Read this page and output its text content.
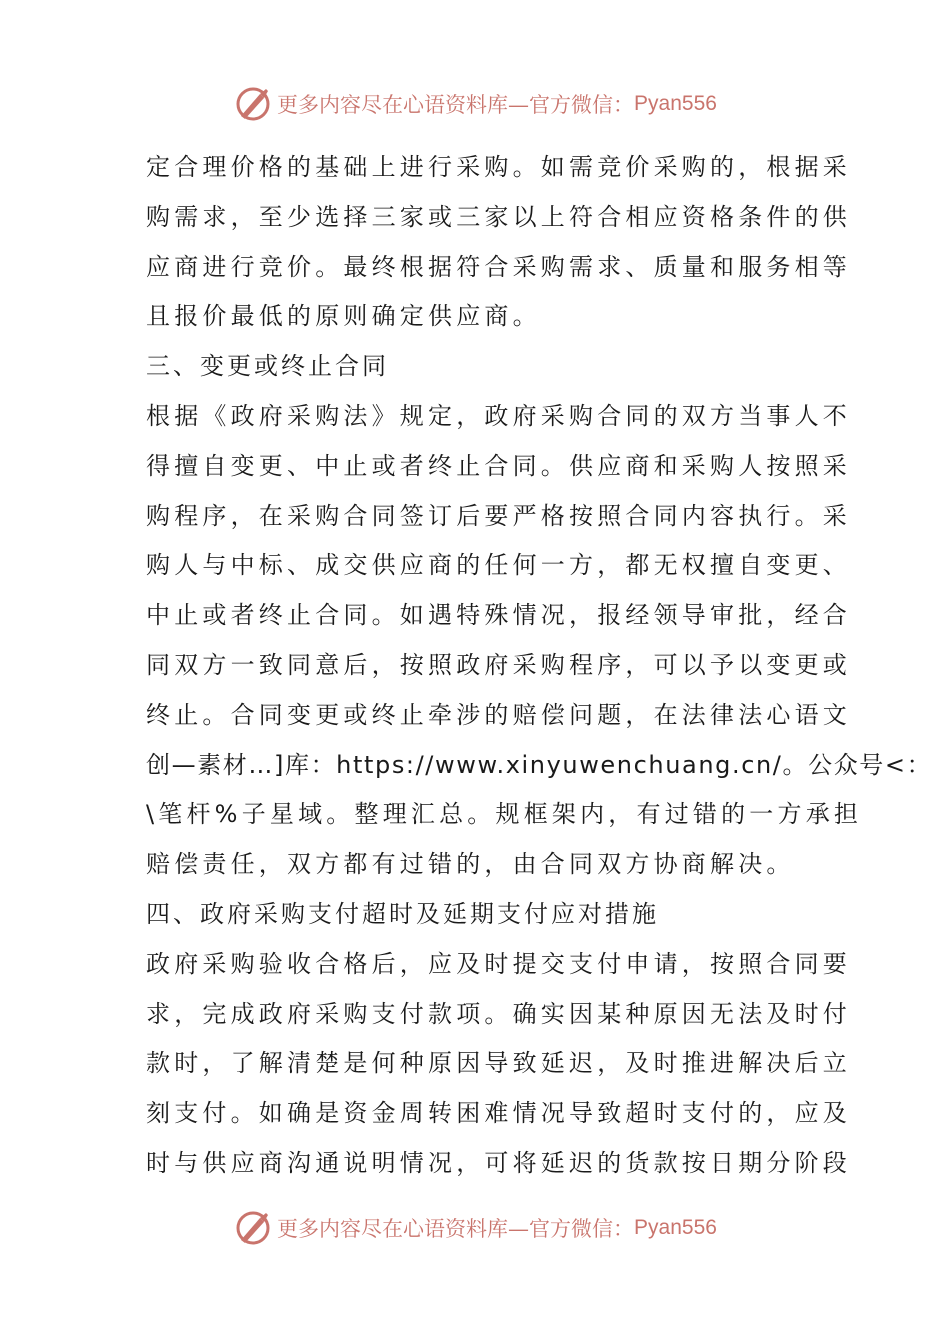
更多内容尽在心语资料库—官方微信： Pyan556
定合理价格的基础上进行采购。如需竞价采购的，根据采
购需求，至少选择三家或三家以上符合相应资格条件的供
应商进行竞价。最终根据符合采购需求、质量和服务相等
且报价最低的原则确定供应商。
三、变更或终止合同
根据《政府采购法》规定，政府采购合同的双方当事人不
得擅自变更、中止或者终止合同。供应商和采购人按照采
购程序，在采购合同签订后要严格按照合同内容执行。采
购人与中标、成交供应商的任何一方，都无权擅自变更、
中止或者终止合同。如遇特殊情况，报经领导审批，经合
同双方一致同意后，按照政府采购程序，可以予以变更或
终止。合同变更或终止牵涉的赔偿问题，在法律法心语文
创—素材…]库：https://www.xinyuwenchuang.cn/。公众号<：
\笔杆%子星域。整理汇总。规框架内，有过错的一方承担
赔偿责任，双方都有过错的，由合同双方协商解决。
四、政府采购支付超时及延期支付应对措施
政府采购验收合格后，应及时提交支付申请，按照合同要
求，完成政府采购支付款项。确实因某种原因无法及时付
款时，了解清楚是何种原因导致延迟，及时推进解决后立
刻支付。如确是资金周转困难情况导致超时支付的，应及
时与供应商沟通说明情况，可将延迟的货款按日期分阶段
更多内容尽在心语资料库—官方微信： Pyan556
